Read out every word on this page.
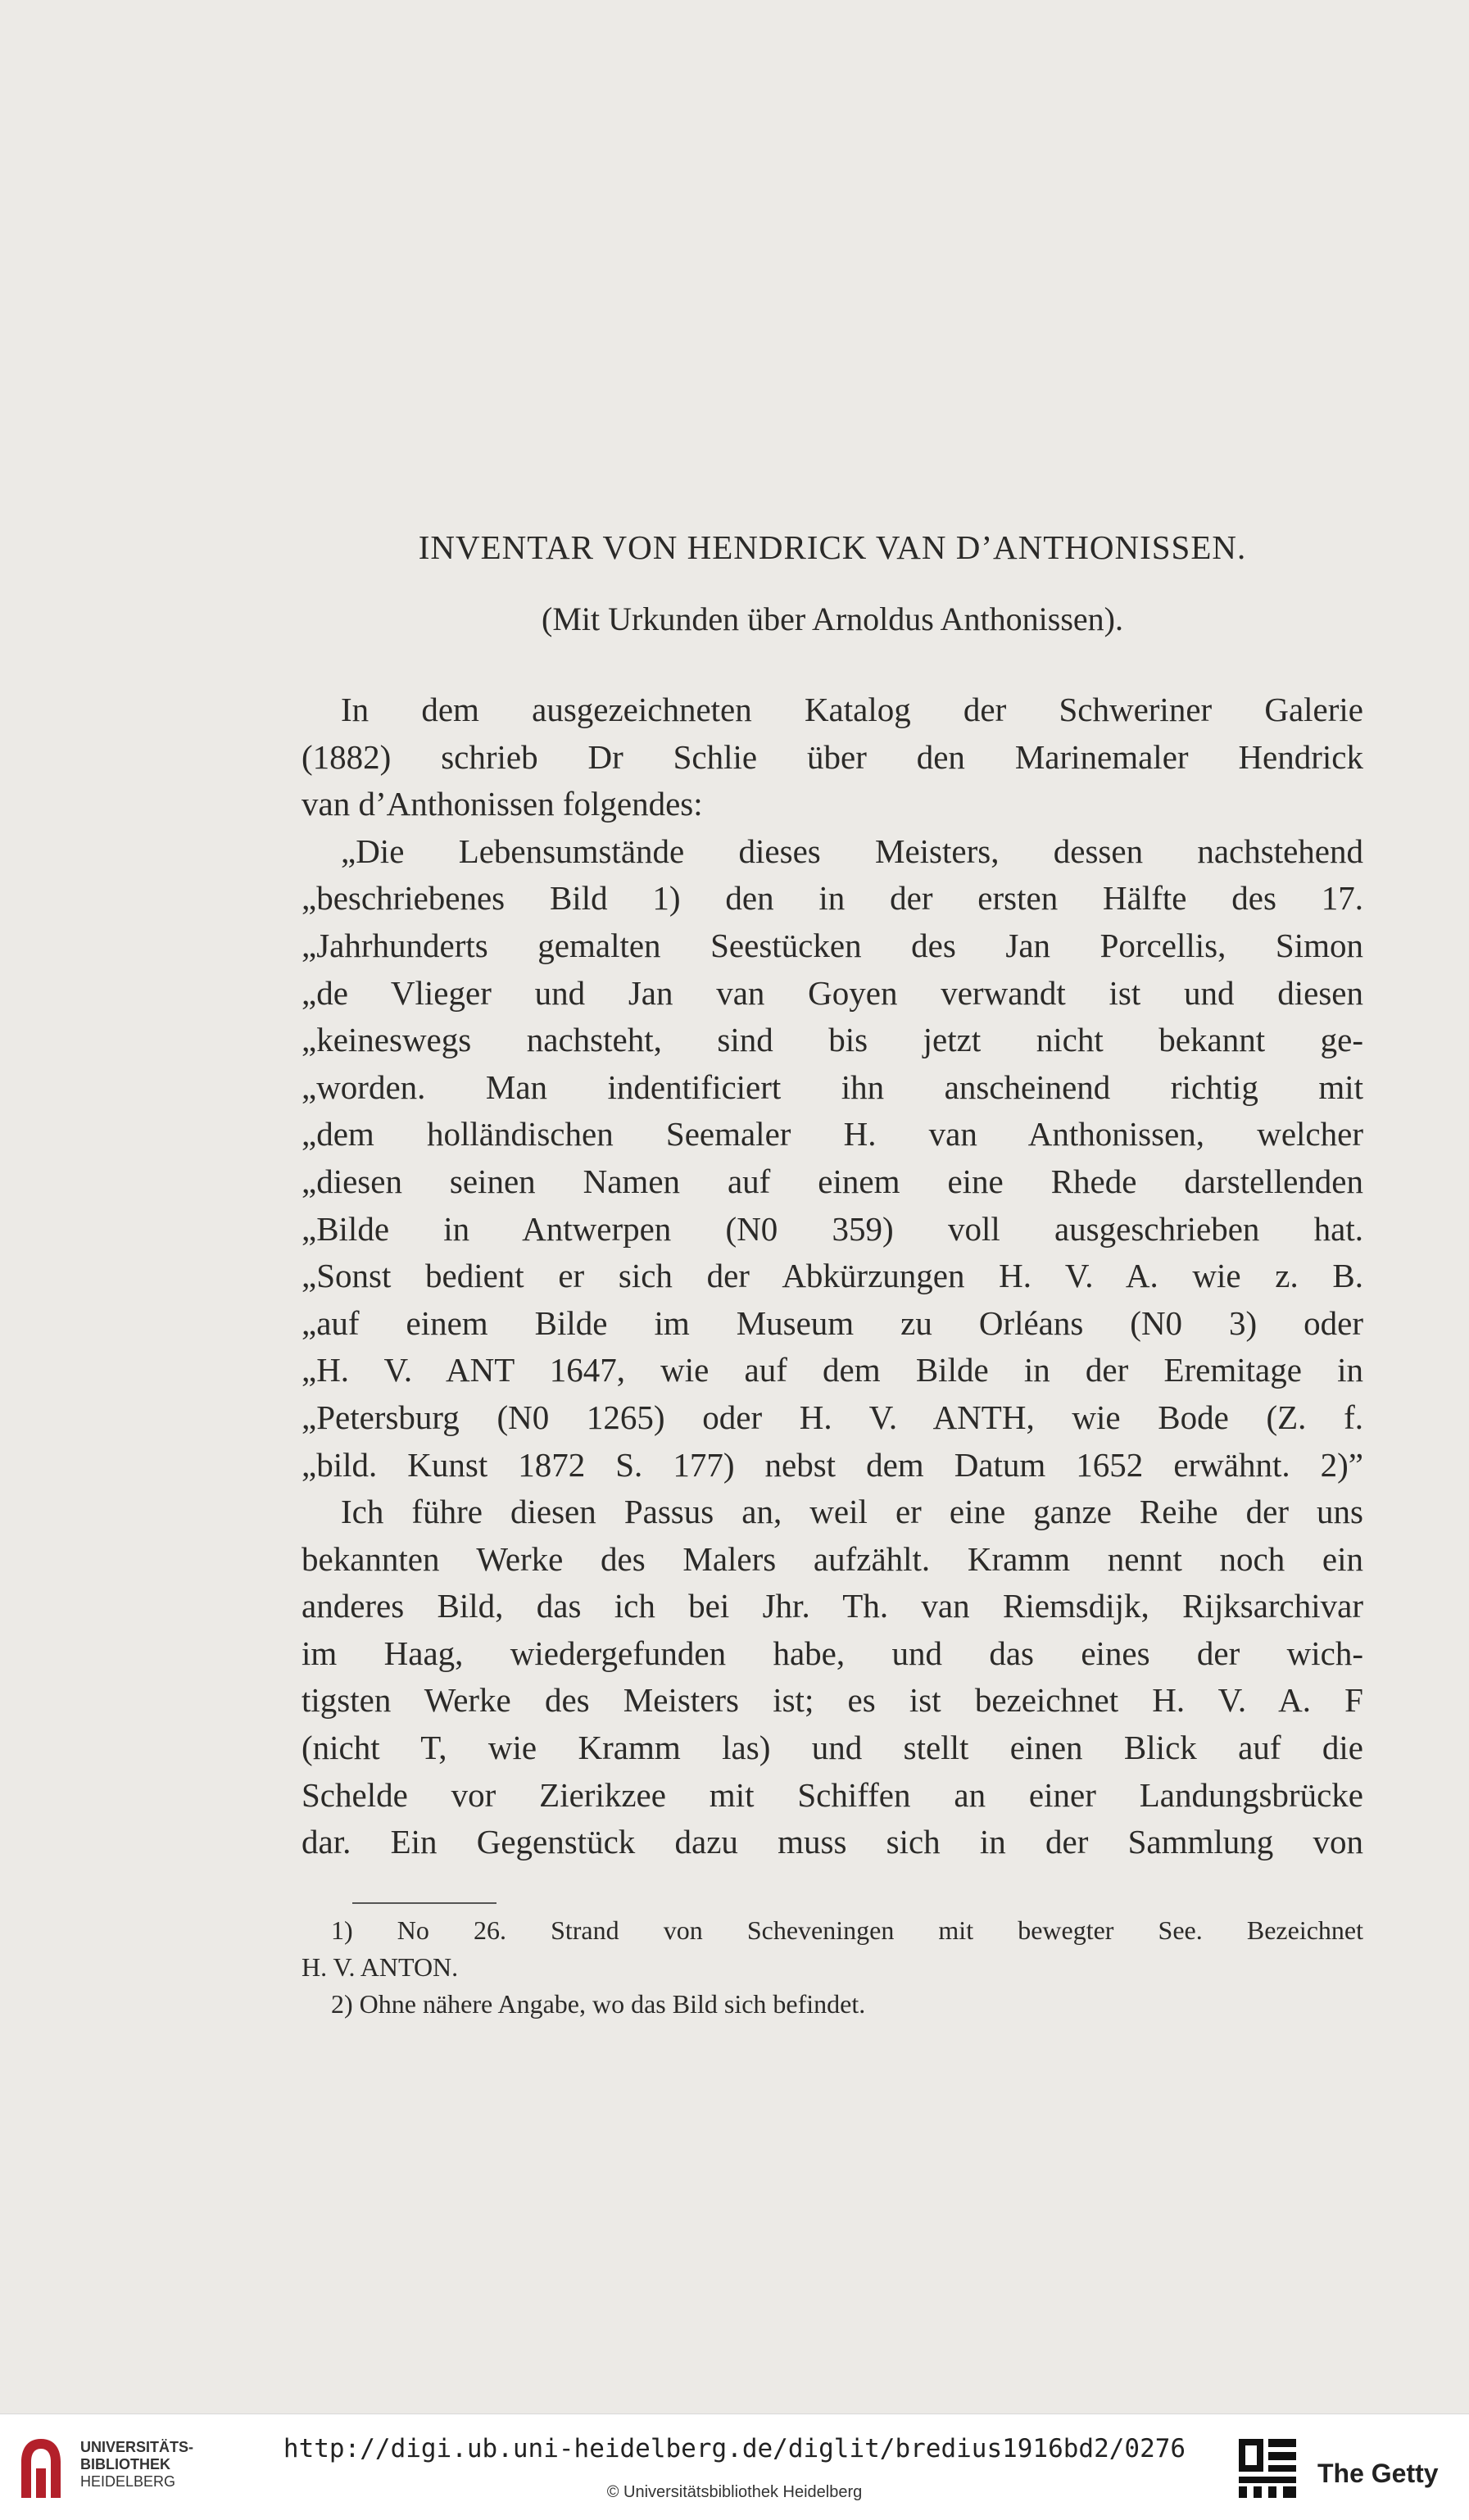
INVENTAR VON HENDRICK VAN D’ANTHONISSEN.
(Mit Urkunden über Arnoldus Anthonissen).
In dem ausgezeichneten Katalog der Schweriner Galerie
(1882) schrieb Dr Schlie über den Marinemaler Hendrick
van d’Anthonissen folgendes:
„Die Lebensumstände dieses Meisters, dessen nachstehend
„beschriebenes Bild 1) den in der ersten Hälfte des 17.
„Jahrhunderts gemalten Seestücken des Jan Porcellis, Simon
„de Vlieger und Jan van Goyen verwandt ist und diesen
„keineswegs nachsteht, sind bis jetzt nicht bekannt ge-
„worden. Man indentificiert ihn anscheinend richtig mit
„dem holländischen Seemaler H. van Anthonissen, welcher
„diesen seinen Namen auf einem eine Rhede darstellenden
„Bilde in Antwerpen (N0 359) voll ausgeschrieben hat.
„Sonst bedient er sich der Abkürzungen H. V. A. wie z. B.
„auf einem Bilde im Museum zu Orléans (N0 3) oder
„H. V. ANT 1647, wie auf dem Bilde in der Eremitage in
„Petersburg (N0 1265) oder H. V. ANTH, wie Bode (Z. f.
„bild. Kunst 1872 S. 177) nebst dem Datum 1652 erwähnt. 2)”
Ich führe diesen Passus an, weil er eine ganze Reihe der uns
bekannten Werke des Malers aufzählt. Kramm nennt noch ein
anderes Bild, das ich bei Jhr. Th. van Riemsdijk, Rijksarchivar
im Haag, wiedergefunden habe, und das eines der wich-
tigsten Werke des Meisters ist; es ist bezeichnet H. V. A. F
(nicht T, wie Kramm las) und stellt einen Blick auf die
Schelde vor Zierikzee mit Schiffen an einer Landungsbrücke
dar. Ein Gegenstück dazu muss sich in der Sammlung von
1) No 26. Strand von Scheveningen mit bewegter See. Bezeichnet
H. V. ANTON.
2) Ohne nähere Angabe, wo das Bild sich befindet.
UNIVERSITÄTS-
BIBLIOTHEK
HEIDELBERG
http://digi.ub.uni-heidelberg.de/diglit/bredius1916bd2/0276
© Universitätsbibliothek Heidelberg
The Getty
